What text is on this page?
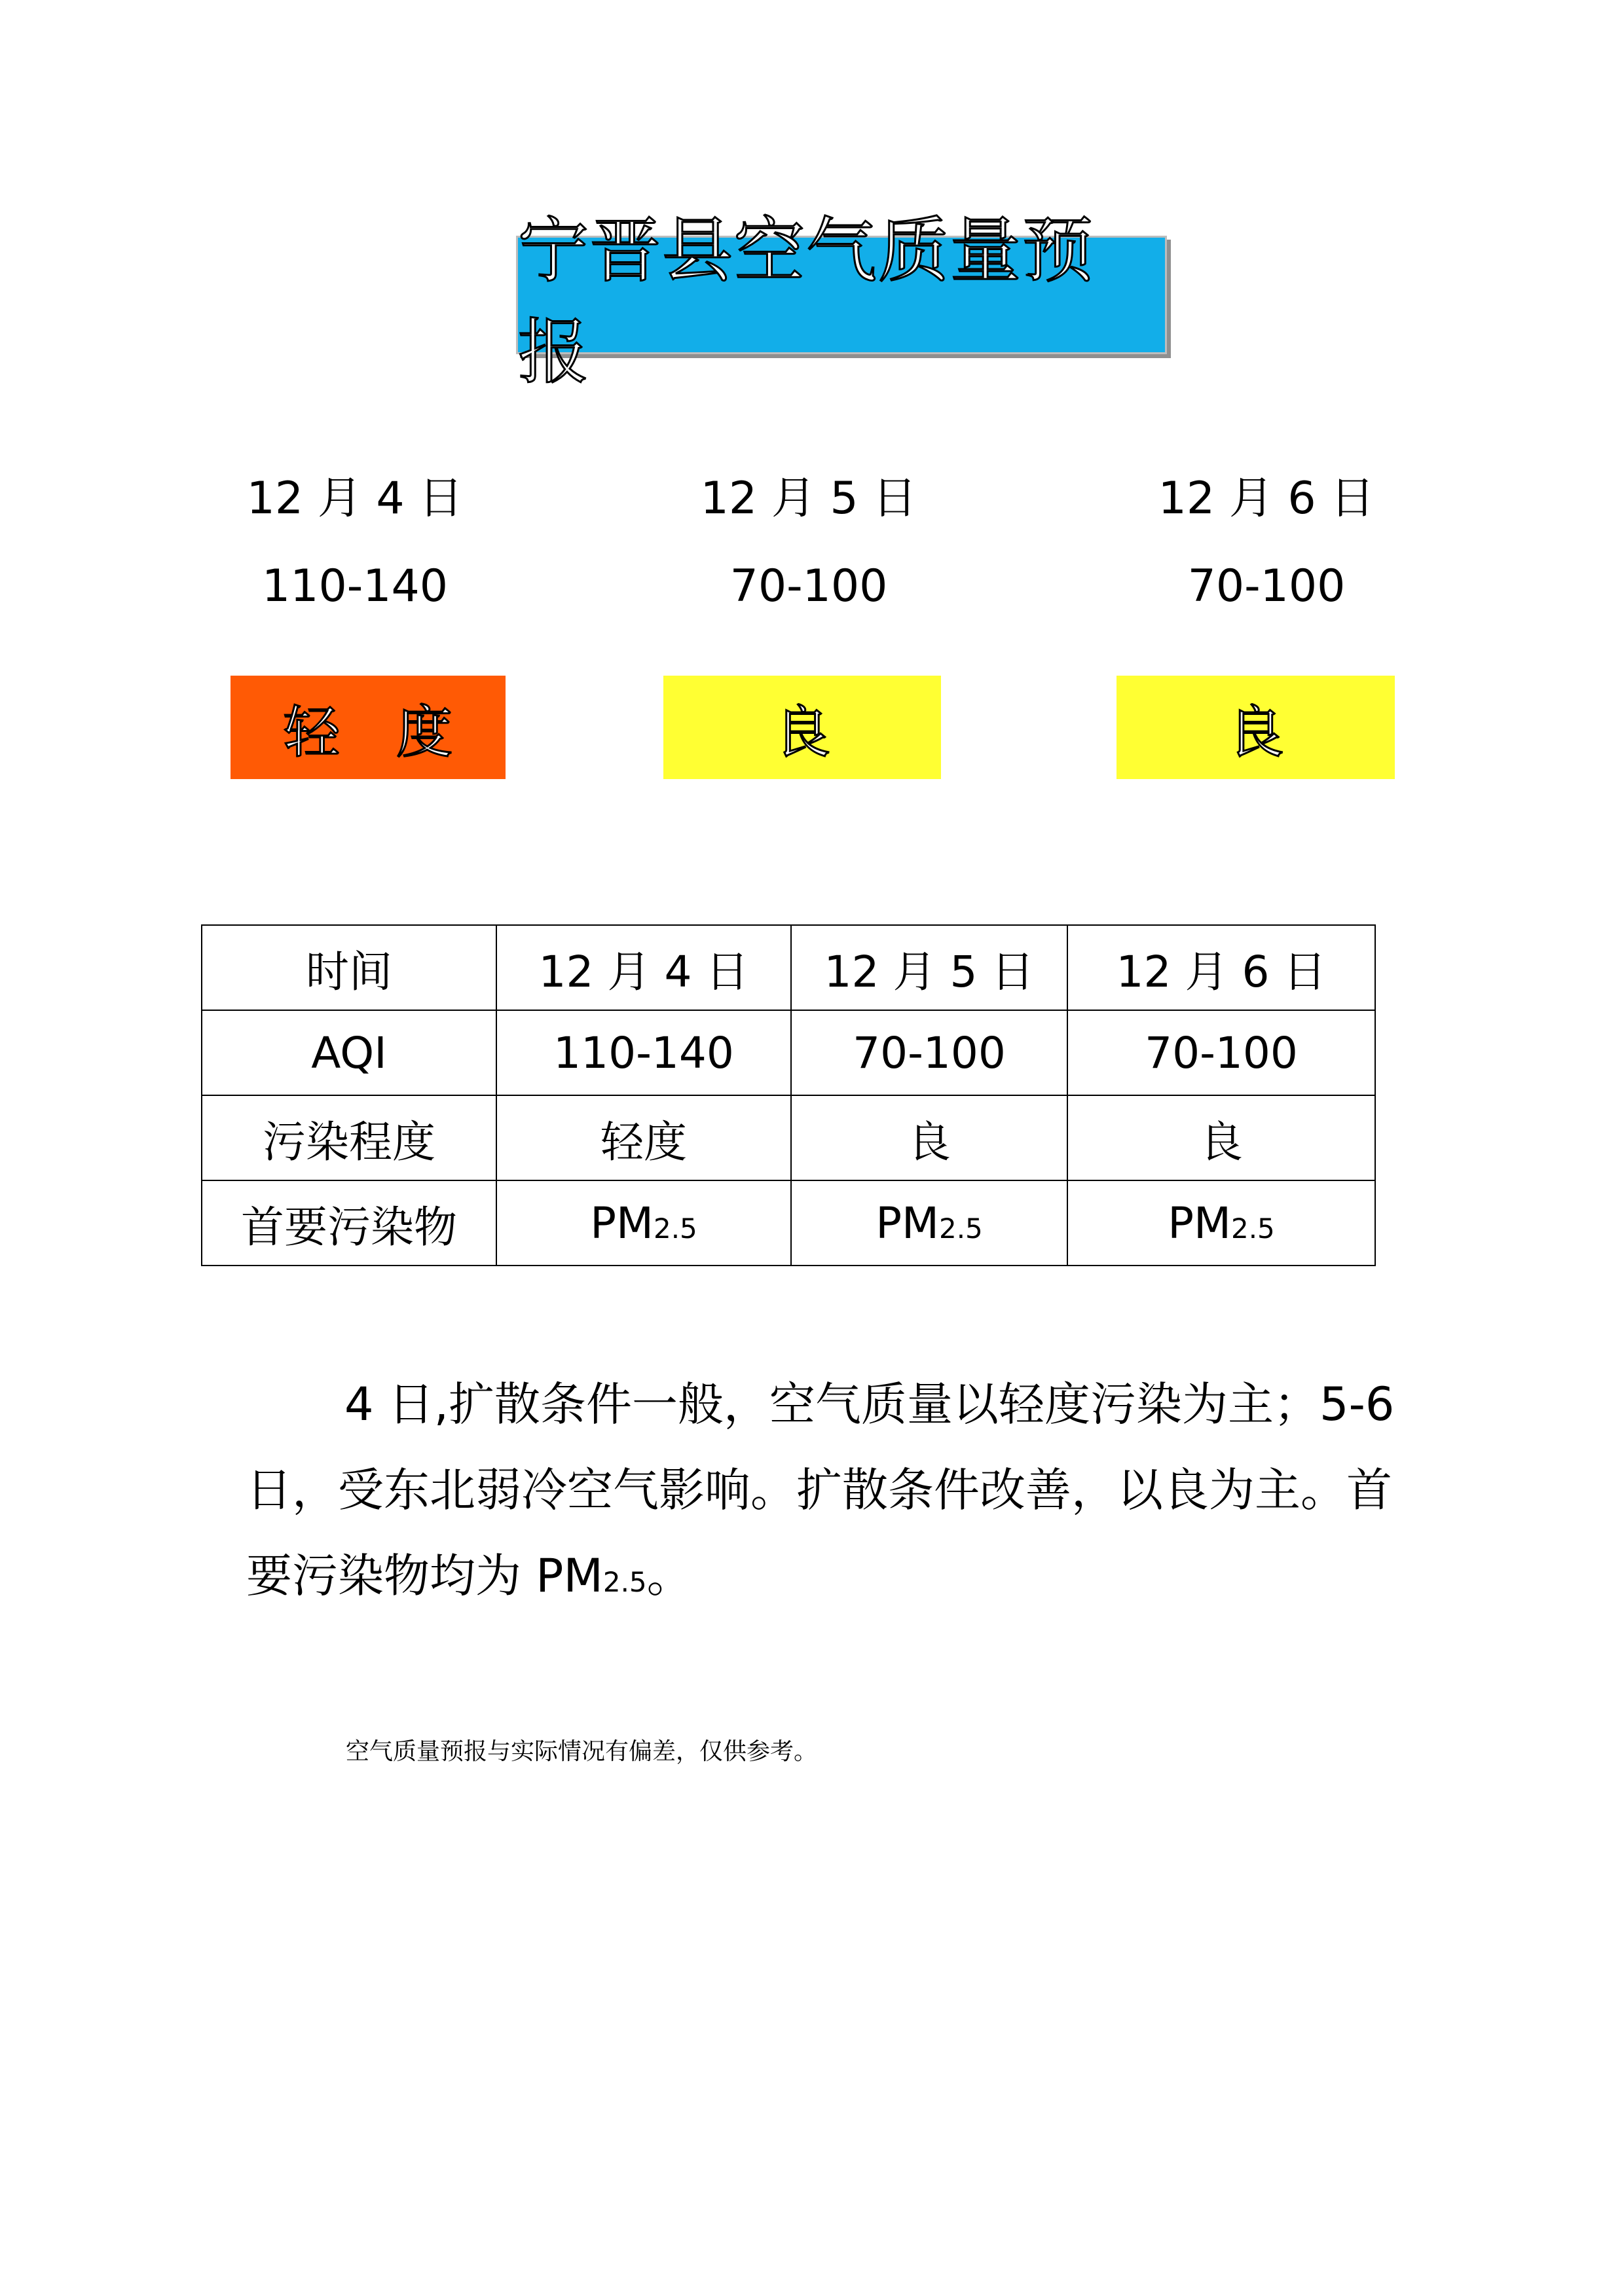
宁晋县空气质量预报
12 月 4 日
110-140
12 月 5 日
70-100
12 月 6 日
70-100
轻　度	良	良
时间	12 月 4 日	12 月 5 日	12 月 6 日
AQI	110-140	70-100	70-100
污染程度	轻度	良	良
首要污染物	PM2.5	PM2.5	PM2.5
4 日,扩散条件一般，空气质量以轻度污染为主；5-6 日，受东北弱冷空气影响。扩散条件改善，以良为主。首要污染物均为 PM2.5。
空气质量预报与实际情况有偏差，仅供参考。
